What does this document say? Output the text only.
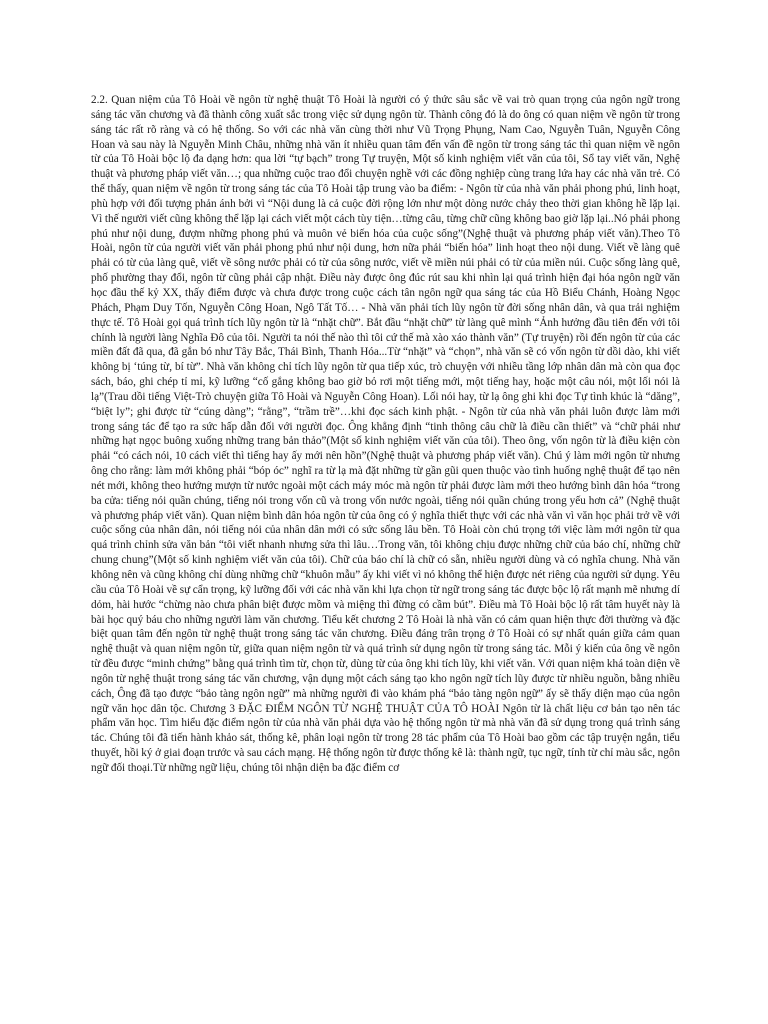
2.2. Quan niệm của Tô Hoài về ngôn từ nghệ thuật Tô Hoài là người có ý thức sâu sắc về vai trò quan trọng của ngôn ngữ trong sáng tác văn chương và đã thành công xuất sắc trong việc sử dụng ngôn từ. Thành công đó là do ông có quan niệm về ngôn từ trong sáng tác rất rõ ràng và có hệ thống. So với các nhà văn cùng thời như Vũ Trọng Phụng, Nam Cao, Nguyễn Tuân, Nguyễn Công Hoan và sau này là Nguyễn Minh Châu, những nhà văn ít nhiều quan tâm đến vấn đề ngôn từ trong sáng tác thì quan niệm về ngôn từ của Tô Hoài bộc lộ đa dạng hơn: qua lời “tự bạch” trong Tự truyện, Một số kinh nghiệm viết văn của tôi, Sổ tay viết văn, Nghệ thuật và phương pháp viết văn…; qua những cuộc trao đổi chuyện nghề với các đồng nghiệp cùng trang lứa hay các nhà văn trẻ. Có thể thấy, quan niệm về ngôn từ trong sáng tác của Tô Hoài tập trung vào ba điểm: - Ngôn từ của nhà văn phải phong phú, linh hoạt, phù hợp với đối tượng phản ánh bởi vì “Nội dung là cả cuộc đời rộng lớn như một dòng nước chảy theo thời gian không hề lặp lại. Vì thế người viết cũng không thể lặp lại cách viết một cách tùy tiện…từng câu, từng chữ cũng không bao giờ lặp lại..Nó phải phong phú như nội dung, đượm những phong phú và muôn vẻ biến hóa của cuộc sống”(Nghệ thuật và phương pháp viết văn).Theo Tô Hoài, ngôn từ của người viết văn phải phong phú như nội dung, hơn nữa phải “biến hóa” linh hoạt theo nội dung. Viết về làng quê phải có từ của làng quê, viết về sông nước phải có từ của sông nước, viết về miền núi phải có từ của miền núi. Cuộc sống làng quê, phố phường thay đổi, ngôn từ cũng phải cập nhật. Điều này được ông đúc rút sau khi nhìn lại quá trình hiện đại hóa ngôn ngữ văn học đầu thế kỷ XX, thấy điểm được và chưa được trong cuộc cách tân ngôn ngữ qua sáng tác của Hồ Biểu Chánh, Hoàng Ngọc Phách, Phạm Duy Tốn, Nguyễn Công Hoan, Ngô Tất Tố… - Nhà văn phải tích lũy ngôn từ đời sống nhân dân, và qua trải nghiệm thực tế. Tô Hoài gọi quá trình tích lũy ngôn từ là “nhặt chữ”. Bắt đầu “nhặt chữ” từ làng quê mình “Ảnh hưởng đầu tiên đến với tôi chính là người làng Nghĩa Đô của tôi. Người ta nói thế nào thì tôi cứ thế mà xào xáo thành văn” (Tự truyện) rồi đến ngôn từ của các miền đất đã qua, đã gắn bó như Tây Bắc, Thái Bình, Thanh Hóa...Từ “nhặt” và “chọn”, nhà văn sẽ có vốn ngôn từ dồi dào, khi viết không bị ‘túng từ, bí từ”. Nhà văn không chỉ tích lũy ngôn từ qua tiếp xúc, trò chuyện với nhiều tầng lớp nhân dân mà còn qua đọc sách, báo, ghi chép tỉ mỉ, kỹ lưỡng “cố gắng không bao giờ bỏ rơi một tiếng mới, một tiếng hay, hoặc một câu nói, một lối nói là lạ”(Trau dồi tiếng Việt-Trò chuyện giữa Tô Hoài và Nguyễn Công Hoan). Lối nói hay, từ lạ ông ghi khi đọc Tự tình khúc là “dăng”, “biệt ly”; ghi được từ “cúng dàng”; “rằng”, “trầm trề”…khi đọc sách kinh phật. - Ngôn từ của nhà văn phải luôn được làm mới trong sáng tác để tạo ra sức hấp dẫn đối với người đọc. Ông khẳng định “tinh thông câu chữ là điều cần thiết” và “chữ phải như những hạt ngọc buông xuống những trang bản thảo”(Một số kinh nghiệm viết văn của tôi). Theo ông, vốn ngôn từ là điều kiện còn phải “có cách nói, 10 cách viết thì tiếng hay ấy mới nên hồn”(Nghệ thuật và phương pháp viết văn). Chú ý làm mới ngôn từ nhưng ông cho rằng: làm mới không phải “bóp óc” nghĩ ra từ lạ mà đặt những từ gần gũi quen thuộc vào tình huống nghệ thuật để tạo nên nét mới, không theo hướng mượn từ nước ngoài một cách máy móc mà ngôn từ phải được làm mới theo hướng bình dân hóa “trong ba cửa: tiếng nói quần chúng, tiếng nói trong vốn cũ và trong vốn nước ngoài, tiếng nói quần chúng trong yếu hơn cả” (Nghệ thuật và phương pháp viết văn). Quan niệm bình dân hóa ngôn từ của ông có ý nghĩa thiết thực với các nhà văn vì văn học phải trở về với cuộc sống của nhân dân, nói tiếng nói của nhân dân mới có sức sống lâu bền. Tô Hoài còn chú trọng tới việc làm mới ngôn từ qua quá trình chỉnh sửa văn bản “tôi viết nhanh nhưng sửa thì lâu…Trong văn, tôi không chịu được những chữ của báo chí, những chữ chung chung”(Một số kinh nghiệm viết văn của tôi). Chữ của báo chí là chữ có sẵn, nhiều người dùng và có nghĩa chung. Nhà văn không nên và cũng không chỉ dùng những chữ “khuôn mẫu” ấy khi viết vì nó không thể hiện được nét riêng của người sử dụng. Yêu cầu của Tô Hoài về sự cẩn trọng, kỹ lưỡng đối với các nhà văn khi lựa chọn từ ngữ trong sáng tác được bộc lộ rất mạnh mẽ nhưng dí dỏm, hài hước “chừng nào chưa phân biệt được mồm và miệng thì đừng có cầm bút”. Điều mà Tô Hoài bộc lộ rất tâm huyết này là bài học quý báu cho những người làm văn chương. Tiểu kết chương 2 Tô Hoài là nhà văn có cảm quan hiện thực đời thường và đặc biệt quan tâm đến ngôn từ nghệ thuật trong sáng tác văn chương. Điều đáng trân trọng ở Tô Hoài có sự nhất quán giữa cảm quan nghệ thuật và quan niệm ngôn từ, giữa quan niệm ngôn từ và quá trình sử dụng ngôn từ trong sáng tác. Mỗi ý kiến của ông về ngôn từ đều được “minh chứng” bằng quá trình tìm từ, chọn từ, dùng từ của ông khi tích lũy, khi viết văn. Với quan niệm khá toàn diện về ngôn từ nghệ thuật trong sáng tác văn chương, vận dụng một cách sáng tạo kho ngôn ngữ tích lũy được từ nhiều nguồn, bằng nhiều cách, Ông đã tạo được “bảo tàng ngôn ngữ” mà những người đi vào khám phá “bảo tàng ngôn ngữ” ấy sẽ thấy diện mạo của ngôn ngữ văn học dân tộc. Chương 3 ĐẶC ĐIỂM NGÔN TỪ NGHỆ THUẬT CỦA TÔ HOÀI Ngôn từ là chất liệu cơ bản tạo nên tác phẩm văn học. Tìm hiểu đặc điểm ngôn từ của nhà văn phải dựa vào hệ thống ngôn từ mà nhà văn đã sử dụng trong quá trình sáng tác. Chúng tôi đã tiến hành khảo sát, thống kê, phân loại ngôn từ trong 28 tác phẩm của Tô Hoài bao gồm các tập truyện ngắn, tiểu thuyết, hồi ký ở giai đoạn trước và sau cách mạng. Hệ thống ngôn từ được thống kê là: thành ngữ, tục ngữ, tính từ chỉ màu sắc, ngôn ngữ đối thoại.Từ những ngữ liệu, chúng tôi nhận diện ba đặc điểm cơ
